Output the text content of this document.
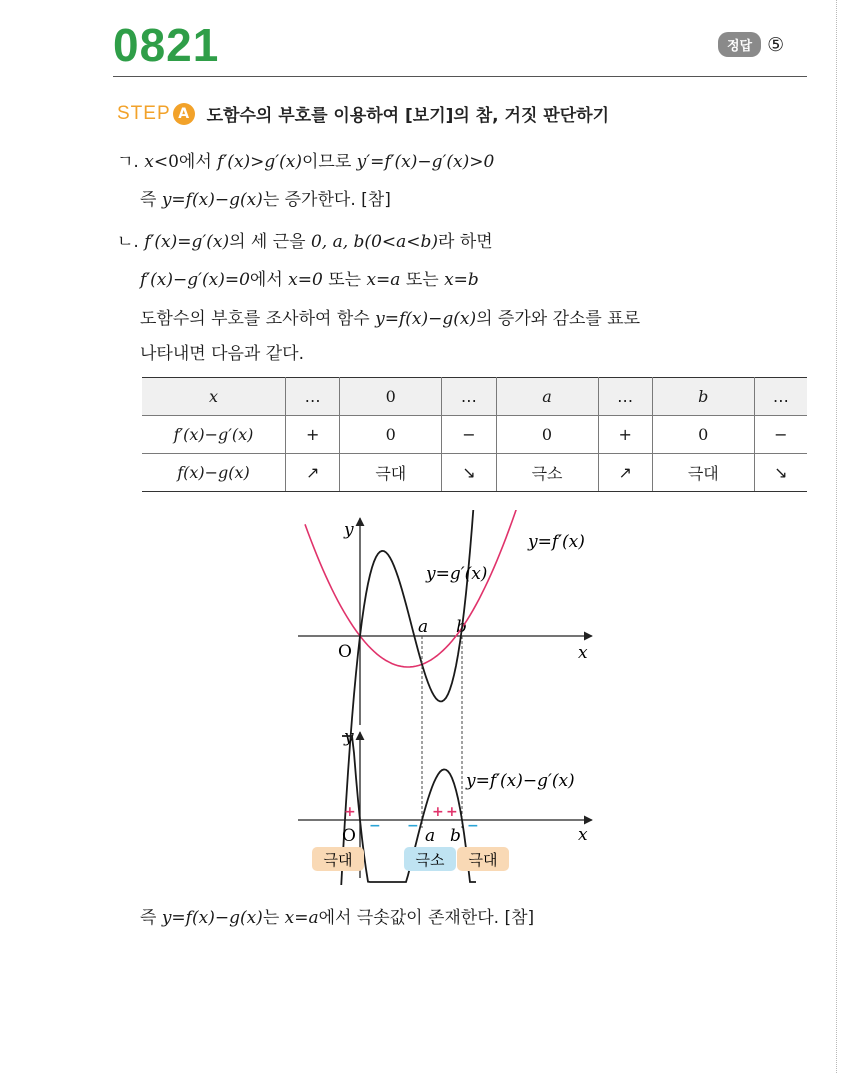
0821	정답 ⑤
STEP A	도함수의 부호를 이용하여 [보기]의 참, 거짓 판단하기
ㄱ. x<0에서 f′(x)>g′(x)이므로 y′=f′(x)−g′(x)>0
즉 y=f(x)−g(x)는 증가한다. [참]
ㄴ. f′(x)=g′(x)의 세 근을 0, a, b(0<a<b)라 하면
f′(x)−g′(x)=0에서 x=0 또는 x=a 또는 x=b
도함수의 부호를 조사하여 함수 y=f(x)−g(x)의 증가와 감소를 표로
나타내면 다음과 같다.
x	…	0	…	a	…	b	…
f′(x)−g′(x)	+	0	−	0	+	0	−
f(x)−g(x)	↗	극대	↘	극소	↗	극대	↘
y
x
O
a b
y=f′(x)
y=g′(x)
y
x
O	a b
y=f′(x)−g′(x)
+	+ +
− −	−
극대	극소 극대
즉 y=f(x)−g(x)는 x=a에서 극솟값이 존재한다. [참]
